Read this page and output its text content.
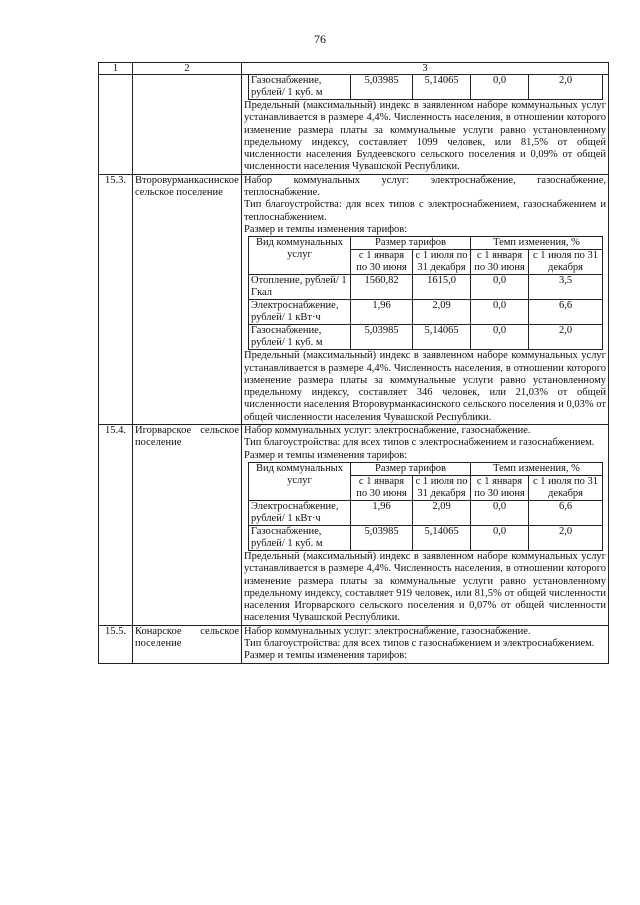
76
1	2	3

Газоснабжение, рублей/ 1 куб. м	5,03985	5,14065	0,0	2,0

Предельный (максимальный) индекс в заявленном наборе коммунальных услуг устанавливается в размере 4,4%. Численность населения, в отношении которого изменение размера платы за коммунальные услуги равно установленному предельному индексу, составляет 1099 человек, или 81,5% от общей численности населения Булдеевского сельского поселения и 0,09% от общей численности населения Чувашской Республики.

15.3.	Второвурманкасинское сельское поселение	

Набор коммунальных услуг: электроснабжение, газоснабжение, теплоснабжение.

Тип благоустройства: для всех типов с электроснабжением, газоснабжением и теплоснабжением.

Размер и темпы изменения тарифов:

Вид коммунальных услуг	Размер тарифов	Темп изменения, %
с 1 января по 30 июня	с 1 июля по 31 декабря	с 1 января по 30 июня	с 1 июля по 31 декабря
Отопление, рублей/ 1 Гкал	1560,82	1615,0	0,0	3,5
Электроснабжение, рублей/ 1 кВт·ч	1,96	2,09	0,0	6,6
Газоснабжение, рублей/ 1 куб. м	5,03985	5,14065	0,0	2,0

Предельный (максимальный) индекс в заявленном наборе коммунальных услуг устанавливается в размере 4,4%. Численность населения, в отношении которого изменение размера платы за коммунальные услуги равно установленному предельному индексу, составляет 346 человек, или 21,03% от общей численности населения Второвурманкасинского сельского поселения и 0,03% от общей численности населения Чувашской Республики.

15.4.	Игорварское сельское поселение	

Набор коммунальных услуг: электроснабжение, газоснабжение.

Тип благоустройства: для всех типов с электроснабжением и газоснабжением.

Размер и темпы изменения тарифов:

Вид коммунальных услуг	Размер тарифов	Темп изменения, %
с 1 января по 30 июня	с 1 июля по 31 декабря	с 1 января по 30 июня	с 1 июля по 31 декабря
Электроснабжение, рублей/ 1 кВт·ч	1,96	2,09	0,0	6,6
Газоснабжение, рублей/ 1 куб. м	5,03985	5,14065	0,0	2,0

Предельный (максимальный) индекс в заявленном наборе коммунальных услуг устанавливается в размере 4,4%. Численность населения, в отношении которого изменение размера платы за коммунальные услуги равно установленному предельному индексу, составляет 919 человек, или 81,5% от общей численности населения Игорварского сельского поселения и 0,07% от общей численности населения Чувашской Республики.

15.5.	Конарское сельское поселение	

Набор коммунальных услуг: электроснабжение, газоснабжение.

Тип благоустройства: для всех типов с газоснабжением и электроснабжением.

Размер и темпы изменения тарифов:
